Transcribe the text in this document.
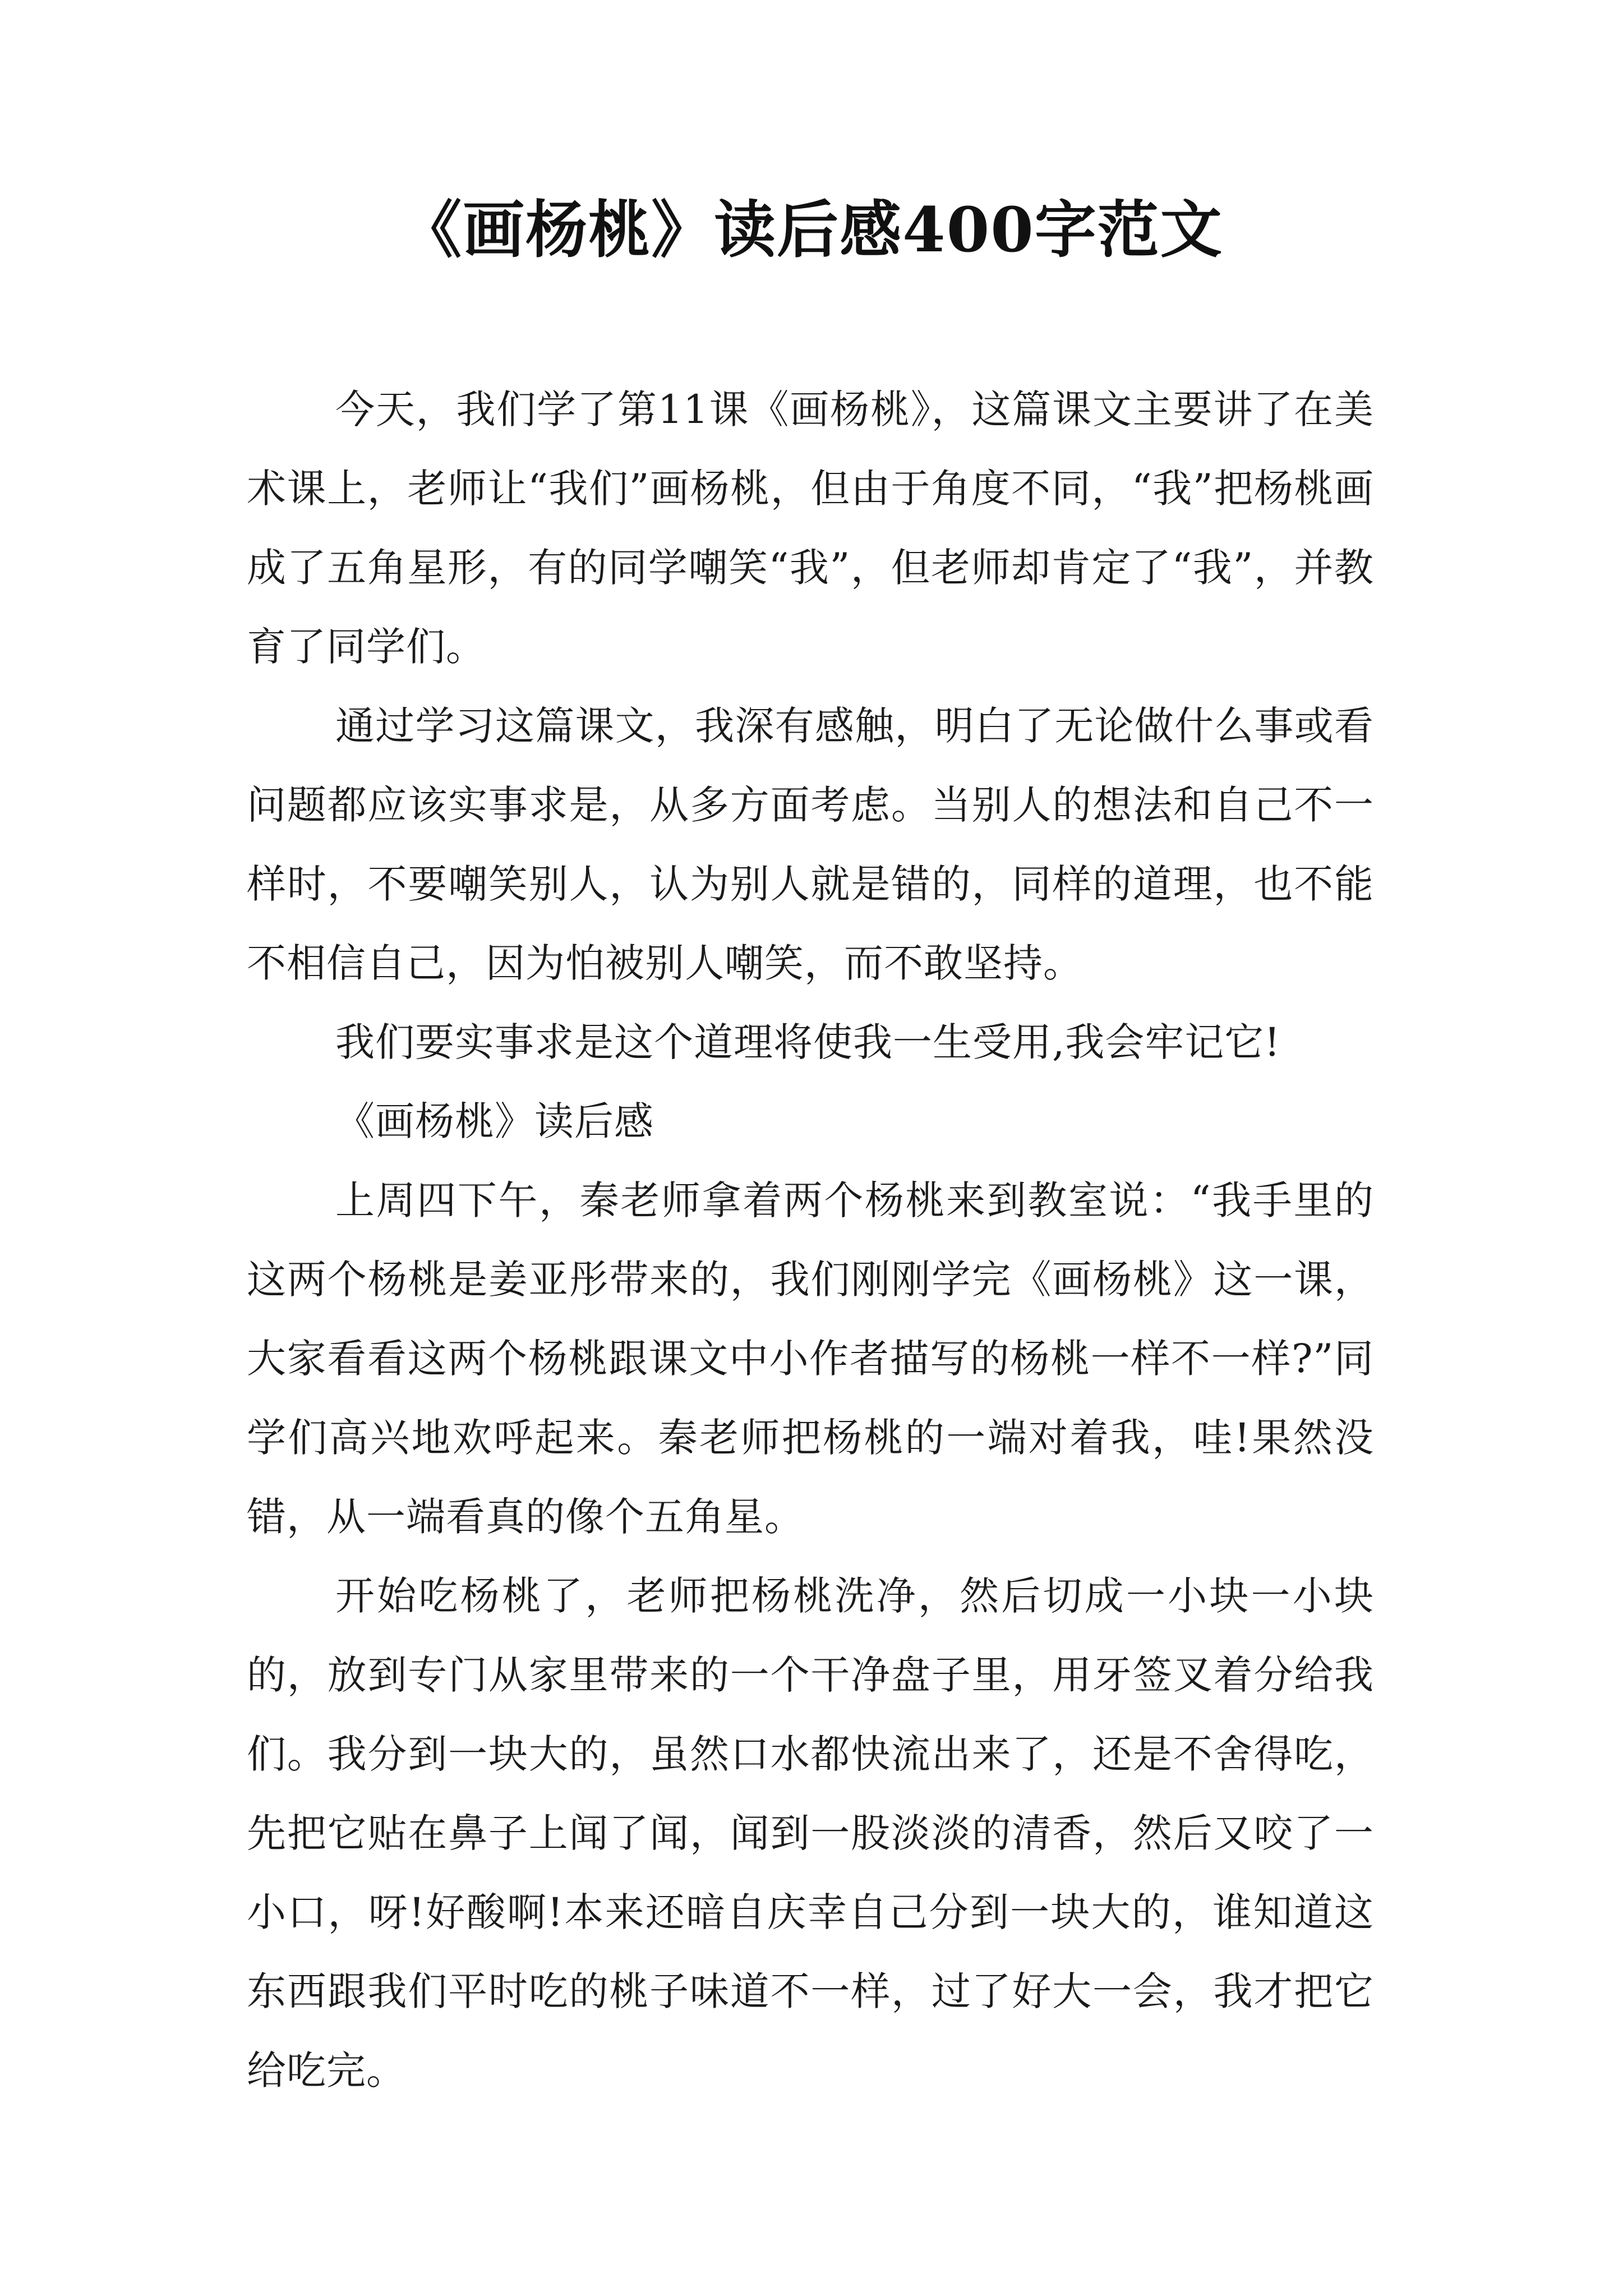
《画杨桃》读后感400字范文

今天，我们学了第11课《画杨桃》，这篇课文主要讲了在美术课上，老师让“我们”画杨桃，但由于角度不同，“我”把杨桃画成了五角星形，有的同学嘲笑“我”，但老师却肯定了“我”，并教育了同学们。

通过学习这篇课文，我深有感触，明白了无论做什么事或看问题都应该实事求是，从多方面考虑。当别人的想法和自己不一样时，不要嘲笑别人，认为别人就是错的，同样的道理，也不能不相信自己，因为怕被别人嘲笑，而不敢坚持。

我们要实事求是这个道理将使我一生受用,我会牢记它!

《画杨桃》读后感

上周四下午，秦老师拿着两个杨桃来到教室说：“我手里的这两个杨桃是姜亚彤带来的，我们刚刚学完《画杨桃》这一课，大家看看这两个杨桃跟课文中小作者描写的杨桃一样不一样?”同学们高兴地欢呼起来。秦老师把杨桃的一端对着我，哇!果然没错，从一端看真的像个五角星。

开始吃杨桃了，老师把杨桃洗净，然后切成一小块一小块的，放到专门从家里带来的一个干净盘子里，用牙签叉着分给我们。我分到一块大的，虽然口水都快流出来了，还是不舍得吃，先把它贴在鼻子上闻了闻，闻到一股淡淡的清香，然后又咬了一小口，呀!好酸啊!本来还暗自庆幸自己分到一块大的，谁知道这东西跟我们平时吃的桃子味道不一样，过了好大一会，我才把它给吃完。
